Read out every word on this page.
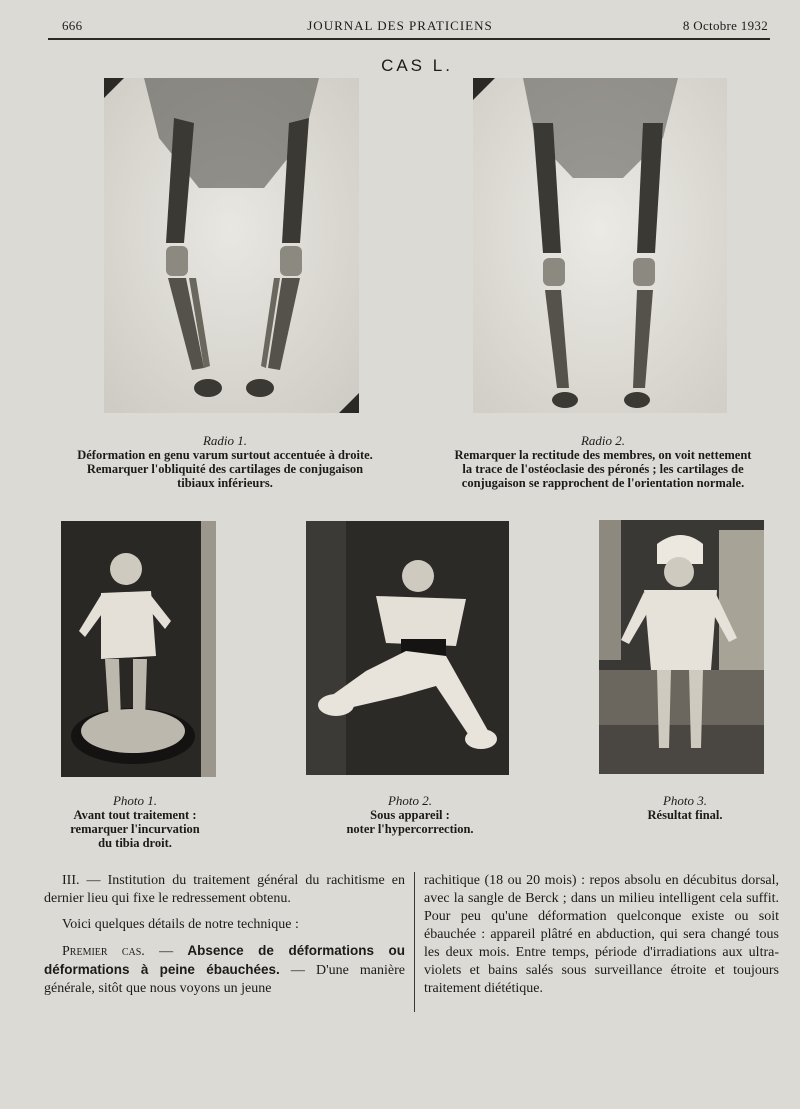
JOURNAL DES PRATICIENS
666	8 Octobre 1932
CAS L.
Radio 1.
Déformation en genu varum surtout accentuée à droite.
Remarquer l'obliquité des cartilages de conjugaison
tibiaux inférieurs.
Radio 2.
Remarquer la rectitude des membres, on voit nettement
la trace de l'ostéoclasie des péronés ; les cartilages de
conjugaison se rapprochent de l'orientation normale.
Photo 1.
Avant tout traitement :
remarquer l'incurvation
du tibia droit.
Photo 2.
Sous appareil :
noter l'hypercorrection.
Photo 3.
Résultat final.

III. — Institution du traitement général du rachitisme en dernier lieu qui fixe le redressement obtenu.

Voici quelques détails de notre technique :

Premier cas. — Absence de déformations ou déformations à peine ébauchées. — D'une manière générale, sitôt que nous voyons un jeune

rachitique (18 ou 20 mois) : repos absolu en décubitus dorsal, avec la sangle de Berck ; dans un milieu intelligent cela suffit. Pour peu qu'une déformation quelconque existe ou soit ébauchée : appareil plâtré en abduction, qui sera changé tous les deux mois. Entre temps, période d'irradiations aux ultra-violets et bains salés sous surveillance étroite et toujours traitement diététique.
